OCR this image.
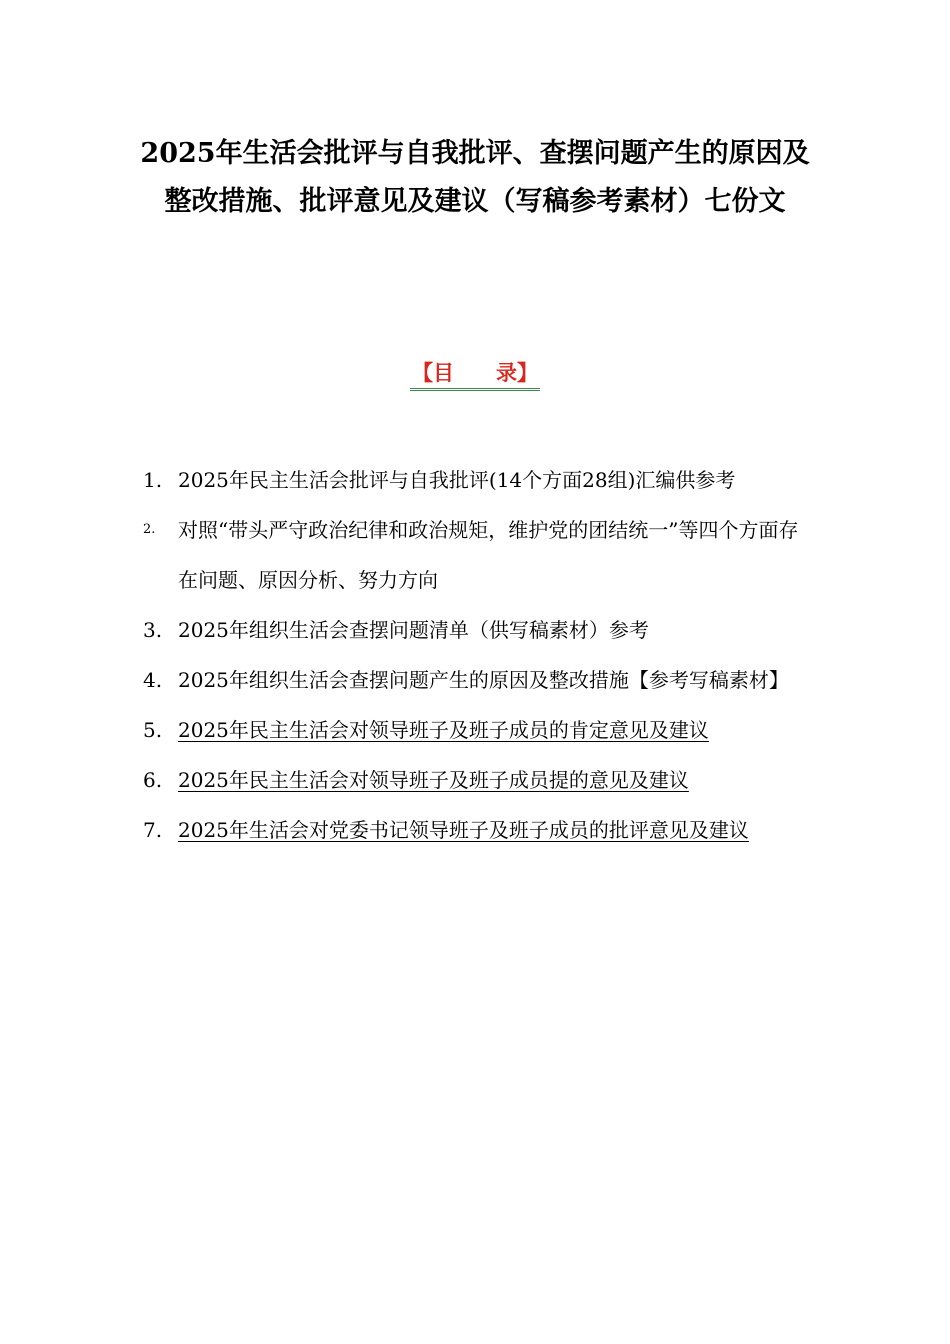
2025年生活会批评与自我批评、查摆问题产生的原因及整改措施、批评意见及建议（写稿参考素材）七份文
【目　　录】
1. 2025年民主生活会批评与自我批评(14个方面28组)汇编供参考
2.	对照“带头严守政治纪律和政治规矩，维护党的团结统一”等四个方面存在问题、原因分析、努力方向
3. 2025年组织生活会查摆问题清单（供写稿素材）参考
4. 2025年组织生活会查摆问题产生的原因及整改措施【参考写稿素材】
5. 2025年民主生活会对领导班子及班子成员的肯定意见及建议
6. 2025年民主生活会对领导班子及班子成员提的意见及建议
7. 2025年生活会对党委书记领导班子及班子成员的批评意见及建议
